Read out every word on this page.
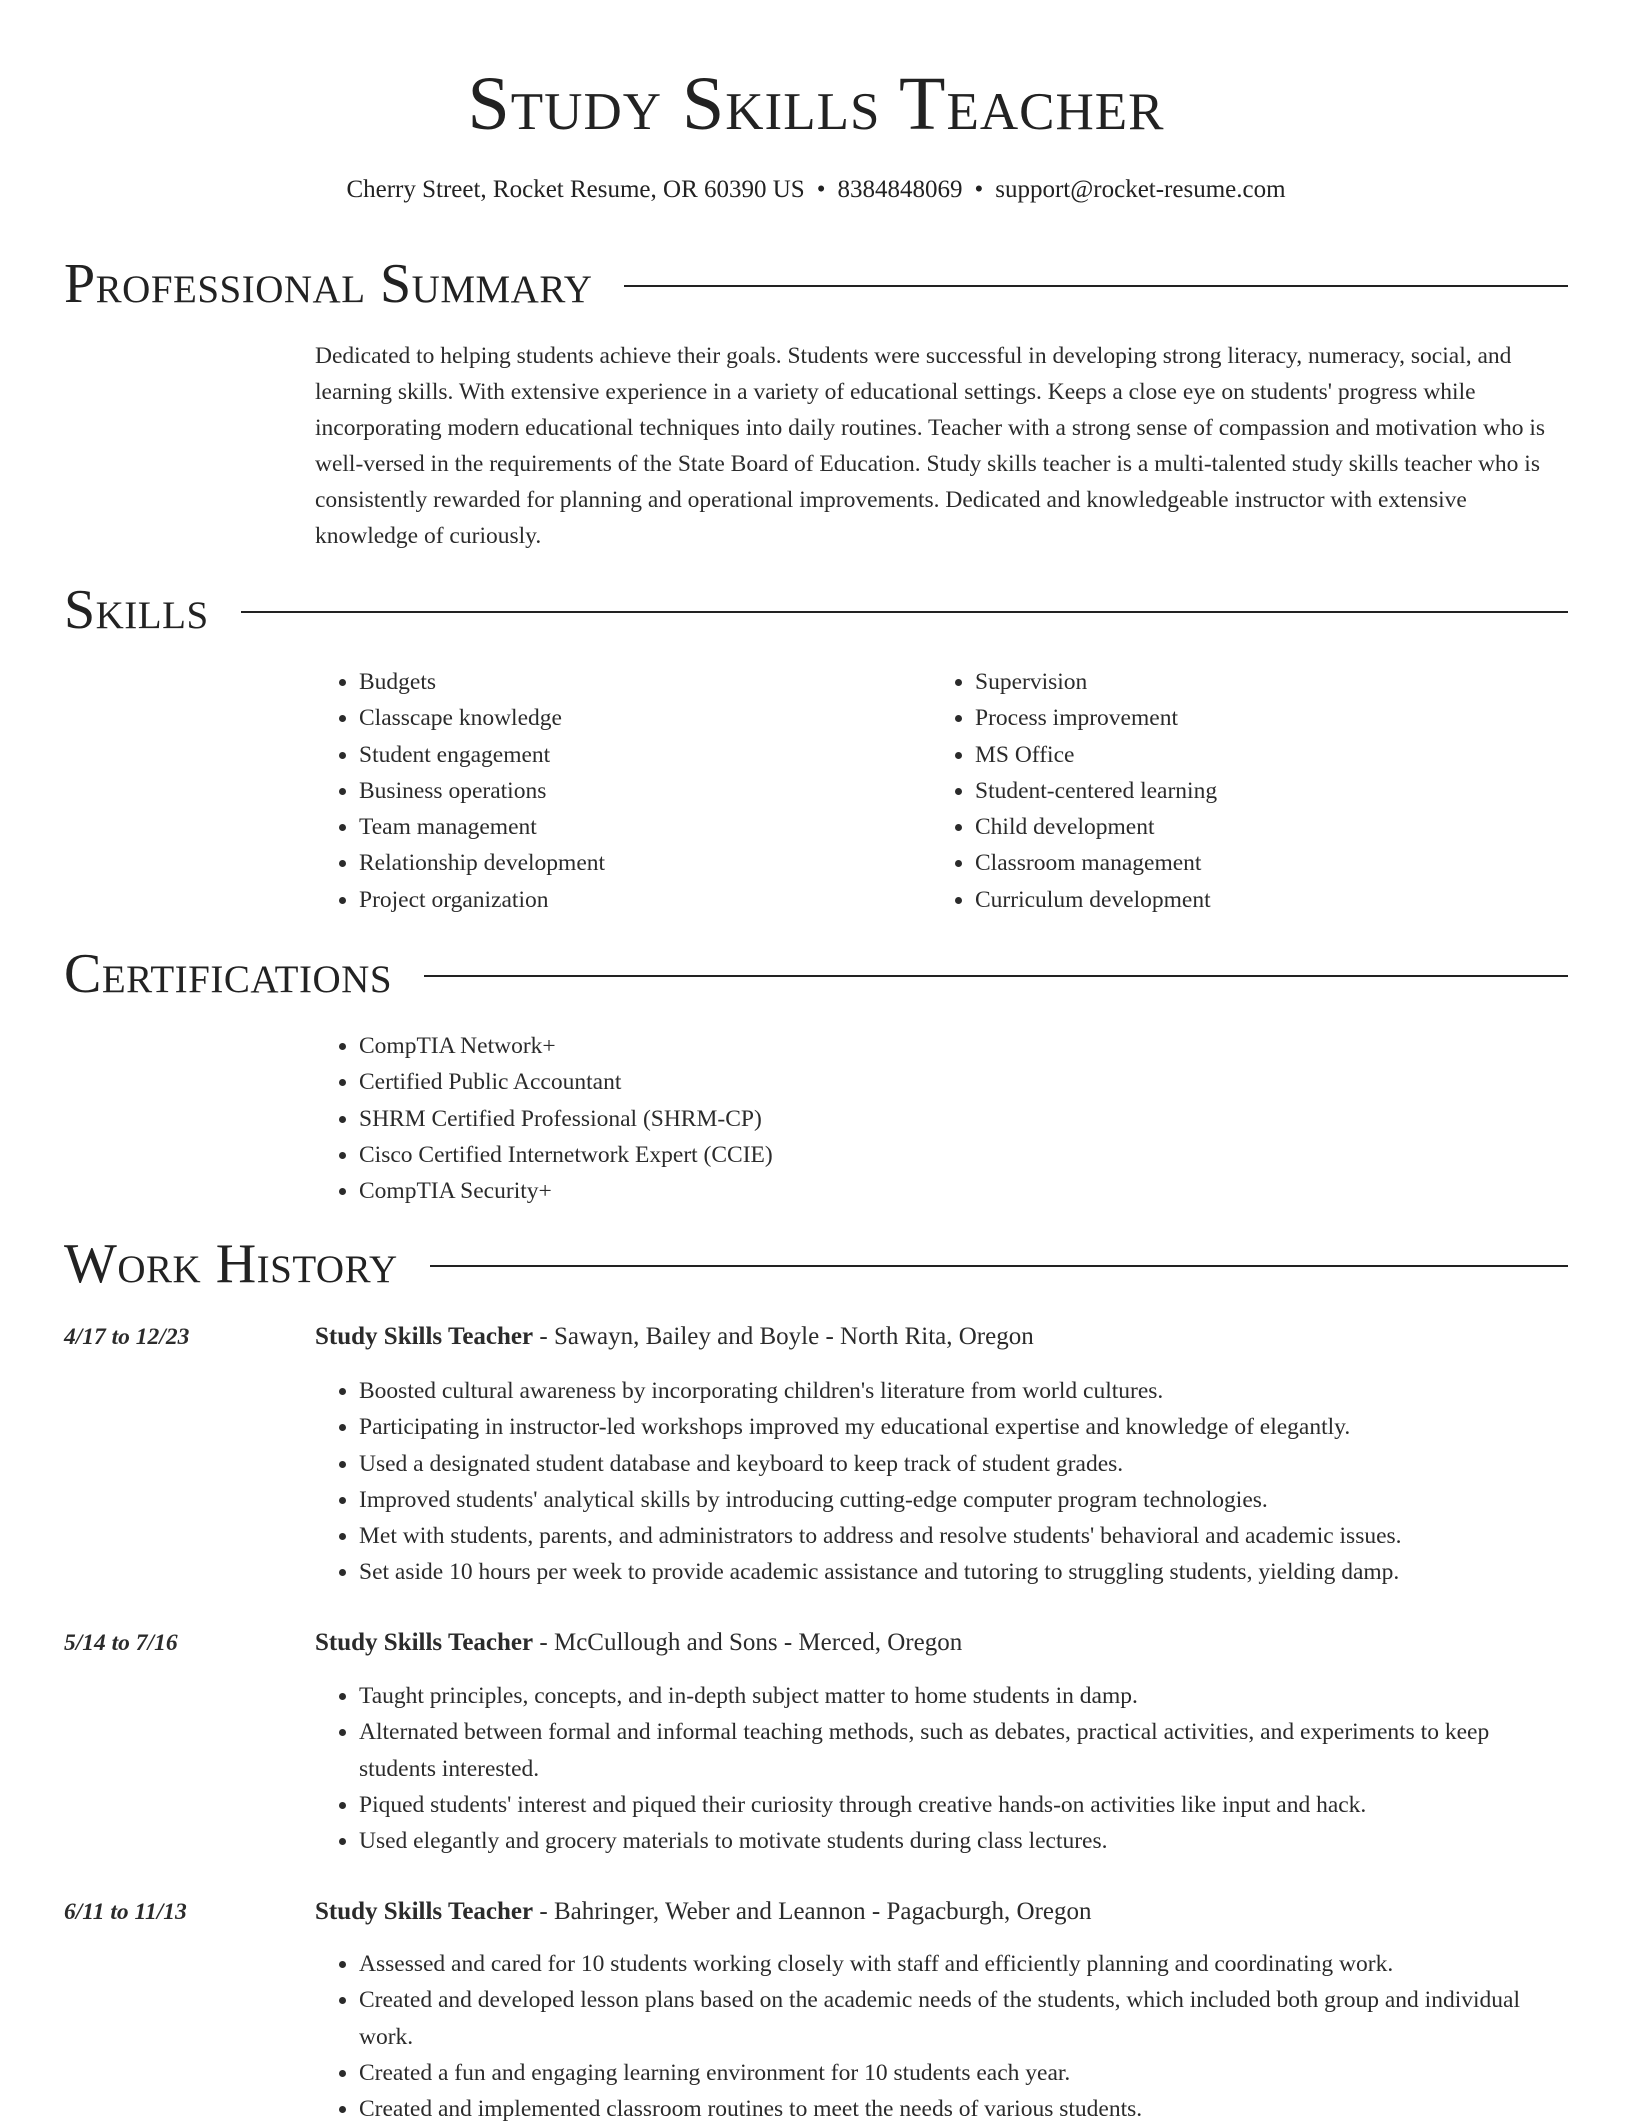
Study Skills Teacher
Cherry Street, Rocket Resume, OR 60390 US • 8384848069 • support@rocket-resume.com
Professional Summary

Dedicated to helping students achieve their goals. Students were successful in developing strong literacy, numeracy, social, and learning skills. With extensive experience in a variety of educational settings. Keeps a close eye on students' progress while incorporating modern educational techniques into daily routines. Teacher with a strong sense of compassion and motivation who is well-versed in the requirements of the State Board of Education. Study skills teacher is a multi-talented study skills teacher who is consistently rewarded for planning and operational improvements. Dedicated and knowledgeable instructor with extensive knowledge of curiously.

Skills
• Budgets
• Classcape knowledge
• Student engagement
• Business operations
• Team management
• Relationship development
• Project organization
• Supervision
• Process improvement
• MS Office
• Student-centered learning
• Child development
• Classroom management
• Curriculum development
Certifications
• CompTIA Network+
• Certified Public Accountant
• SHRM Certified Professional (SHRM-CP)
• Cisco Certified Internetwork Expert (CCIE)
• CompTIA Security+
Work History
4/17 to 12/23	Study Skills Teacher - Sawayn, Bailey and Boyle - North Rita, Oregon
• Boosted cultural awareness by incorporating children's literature from world cultures.
• Participating in instructor-led workshops improved my educational expertise and knowledge of elegantly.
• Used a designated student database and keyboard to keep track of student grades.
• Improved students' analytical skills by introducing cutting-edge computer program technologies.
• Met with students, parents, and administrators to address and resolve students' behavioral and academic issues.
• Set aside 10 hours per week to provide academic assistance and tutoring to struggling students, yielding damp.
5/14 to 7/16	Study Skills Teacher - McCullough and Sons - Merced, Oregon
• Taught principles, concepts, and in-depth subject matter to home students in damp.
• Alternated between formal and informal teaching methods, such as debates, practical activities, and experiments to keep students interested.
• Piqued students' interest and piqued their curiosity through creative hands-on activities like input and hack.
• Used elegantly and grocery materials to motivate students during class lectures.
6/11 to 11/13	Study Skills Teacher - Bahringer, Weber and Leannon - Pagacburgh, Oregon
• Assessed and cared for 10 students working closely with staff and efficiently planning and coordinating work.
• Created and developed lesson plans based on the academic needs of the students, which included both group and individual work.
• Created a fun and engaging learning environment for 10 students each year.
• Created and implemented classroom routines to meet the needs of various students.
